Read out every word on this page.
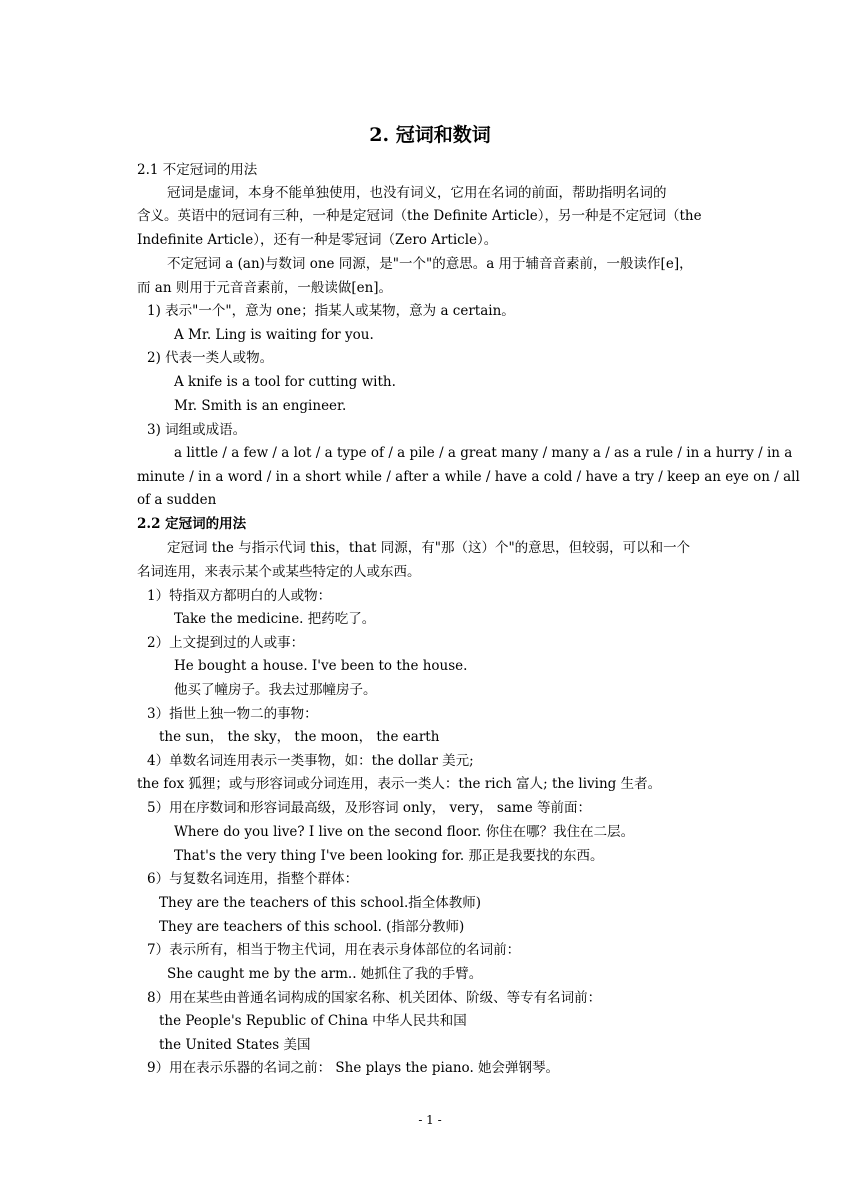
2. 冠词和数词
2.1 不定冠词的用法
冠词是虚词，本身不能单独使用，也没有词义，它用在名词的前面，帮助指明名词的
含义。英语中的冠词有三种，一种是定冠词（the Definite Article），另一种是不定冠词（the
Indefinite Article），还有一种是零冠词（Zero Article）。
不定冠词 a (an)与数词 one 同源，是"一个"的意思。a 用于辅音音素前，一般读作[e]，
而 an 则用于元音音素前，一般读做[en]。
1) 表示"一个"，意为 one；指某人或某物，意为 a certain。
A Mr. Ling is waiting for you.
2) 代表一类人或物。
A knife is a tool for cutting with.
Mr. Smith is an engineer.
3) 词组或成语。
a little / a few / a lot / a type of / a pile / a great many / many a / as a rule / in a hurry / in a
minute / in a word / in a short while / after a while / have a cold / have a try / keep an eye on / all
of a sudden
2.2 定冠词的用法
定冠词 the 与指示代词 this，that 同源，有"那（这）个"的意思，但较弱，可以和一个
名词连用，来表示某个或某些特定的人或东西。
1）特指双方都明白的人或物：
Take the medicine. 把药吃了。
2）上文提到过的人或事：
He bought a house. I've been to the house.
他买了幢房子。我去过那幢房子。
3）指世上独一物二的事物：
the sun， the sky， the moon， the earth
4）单数名词连用表示一类事物，如：the dollar 美元;
the fox 狐狸；或与形容词或分词连用，表示一类人：the rich 富人; the living 生者。
5）用在序数词和形容词最高级，及形容词 only， very， same 等前面：
Where do you live? I live on the second floor. 你住在哪？我住在二层。
That's the very thing I've been looking for. 那正是我要找的东西。
6）与复数名词连用，指整个群体：
They are the teachers of this school.指全体教师)
They are teachers of this school. (指部分教师)
7）表示所有，相当于物主代词，用在表示身体部位的名词前：
She caught me by the arm.. 她抓住了我的手臂。
8）用在某些由普通名词构成的国家名称、机关团体、阶级、等专有名词前：
the People's Republic of China 中华人民共和国
the United States 美国
9）用在表示乐器的名词之前： She plays the piano. 她会弹钢琴。
- 1 -
